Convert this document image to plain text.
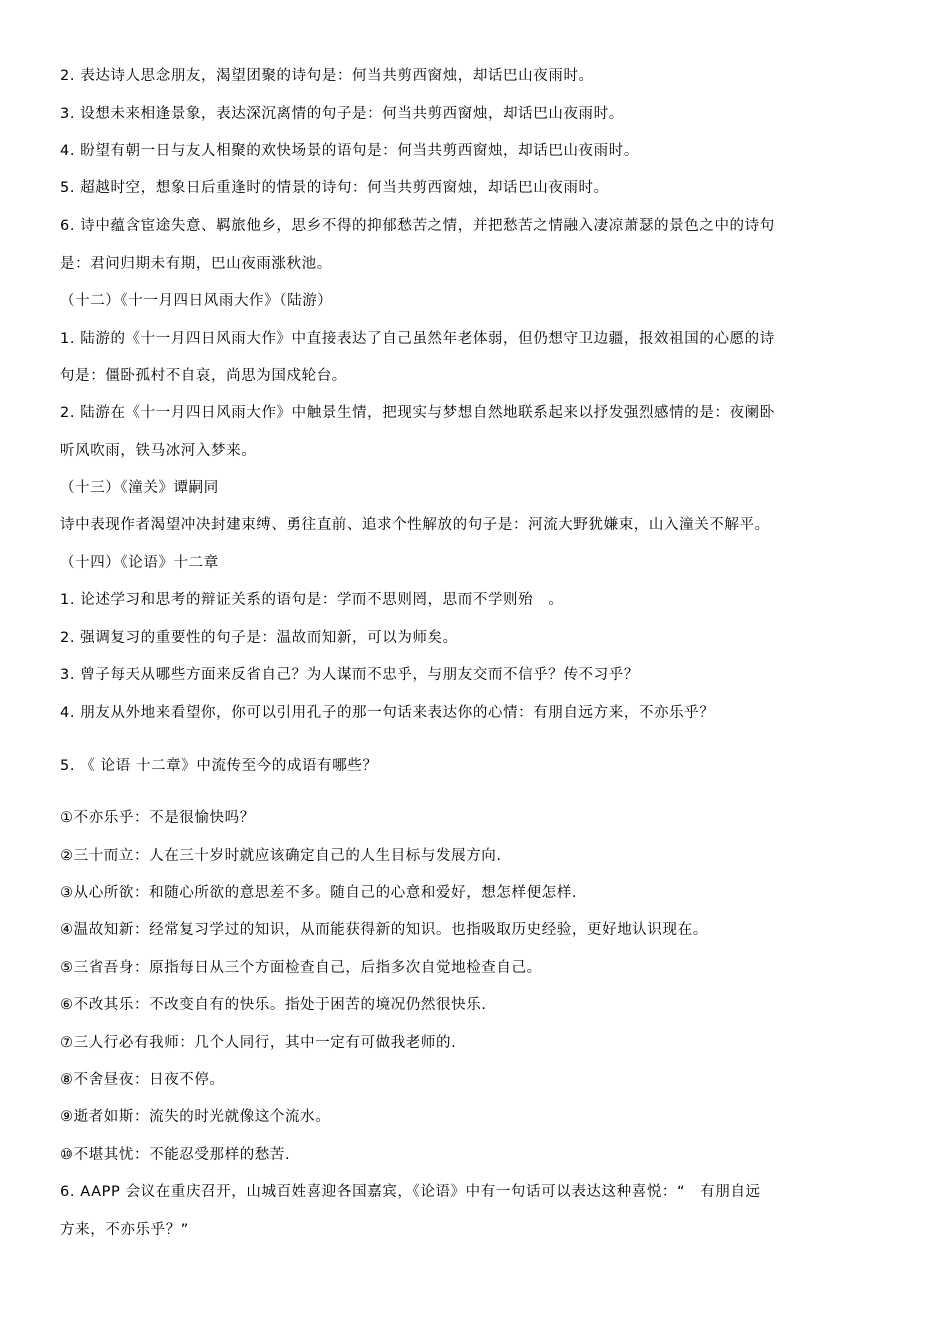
2. 表达诗人思念朋友，渴望团聚的诗句是：何当共剪西窗烛，却话巴山夜雨时。
3. 设想未来相逢景象，表达深沉离情的句子是：何当共剪西窗烛，却话巴山夜雨时。
4. 盼望有朝一日与友人相聚的欢快场景的语句是：何当共剪西窗烛，却话巴山夜雨时。
5. 超越时空，想象日后重逢时的情景的诗句：何当共剪西窗烛，却话巴山夜雨时。
6. 诗中蕴含宦途失意、羁旅他乡，思乡不得的抑郁愁苦之情，并把愁苦之情融入凄凉萧瑟的景色之中的诗句
是：君问归期未有期，巴山夜雨涨秋池。
（十二）《十一月四日风雨大作》（陆游）
1. 陆游的《十一月四日风雨大作》中直接表达了自己虽然年老体弱，但仍想守卫边疆，报效祖国的心愿的诗
句是：僵卧孤村不自哀，尚思为国戍轮台。
2. 陆游在《十一月四日风雨大作》中触景生情，把现实与梦想自然地联系起来以抒发强烈感情的是：夜阑卧
听风吹雨，铁马冰河入梦来。
（十三）《潼关》谭嗣同
诗中表现作者渴望冲决封建束缚、勇往直前、追求个性解放的句子是：河流大野犹嫌束，山入潼关不解平。
（十四）《论语》十二章
1. 论述学习和思考的辩证关系的语句是：学而不思则罔，思而不学则殆　。
2. 强调复习的重要性的句子是：温故而知新，可以为师矣。
3. 曾子每天从哪些方面来反省自己？为人谋而不忠乎，与朋友交而不信乎？传不习乎？
4. 朋友从外地来看望你，你可以引用孔子的那一句话来表达你的心情：有朋自远方来，不亦乐乎？
5. 《 论语 十二章》中流传至今的成语有哪些？
①不亦乐乎：不是很愉快吗？
②三十而立：人在三十岁时就应该确定自己的人生目标与发展方向.
③从心所欲：和随心所欲的意思差不多。随自己的心意和爱好，想怎样便怎样.
④温故知新：经常复习学过的知识，从而能获得新的知识。也指吸取历史经验，更好地认识现在。
⑤三省吾身：原指每日从三个方面检查自己，后指多次自觉地检查自己。
⑥不改其乐：不改变自有的快乐。指处于困苦的境况仍然很快乐.
⑦三人行必有我师：几个人同行，其中一定有可做我老师的.
⑧不舍昼夜：日夜不停。
⑨逝者如斯：流失的时光就像这个流水。
⑩不堪其忧：不能忍受那样的愁苦.
6. AAPP 会议在重庆召开，山城百姓喜迎各国嘉宾，《论语》中有一句话可以表达这种喜悦：“　有朋自远
方来，不亦乐乎？”
